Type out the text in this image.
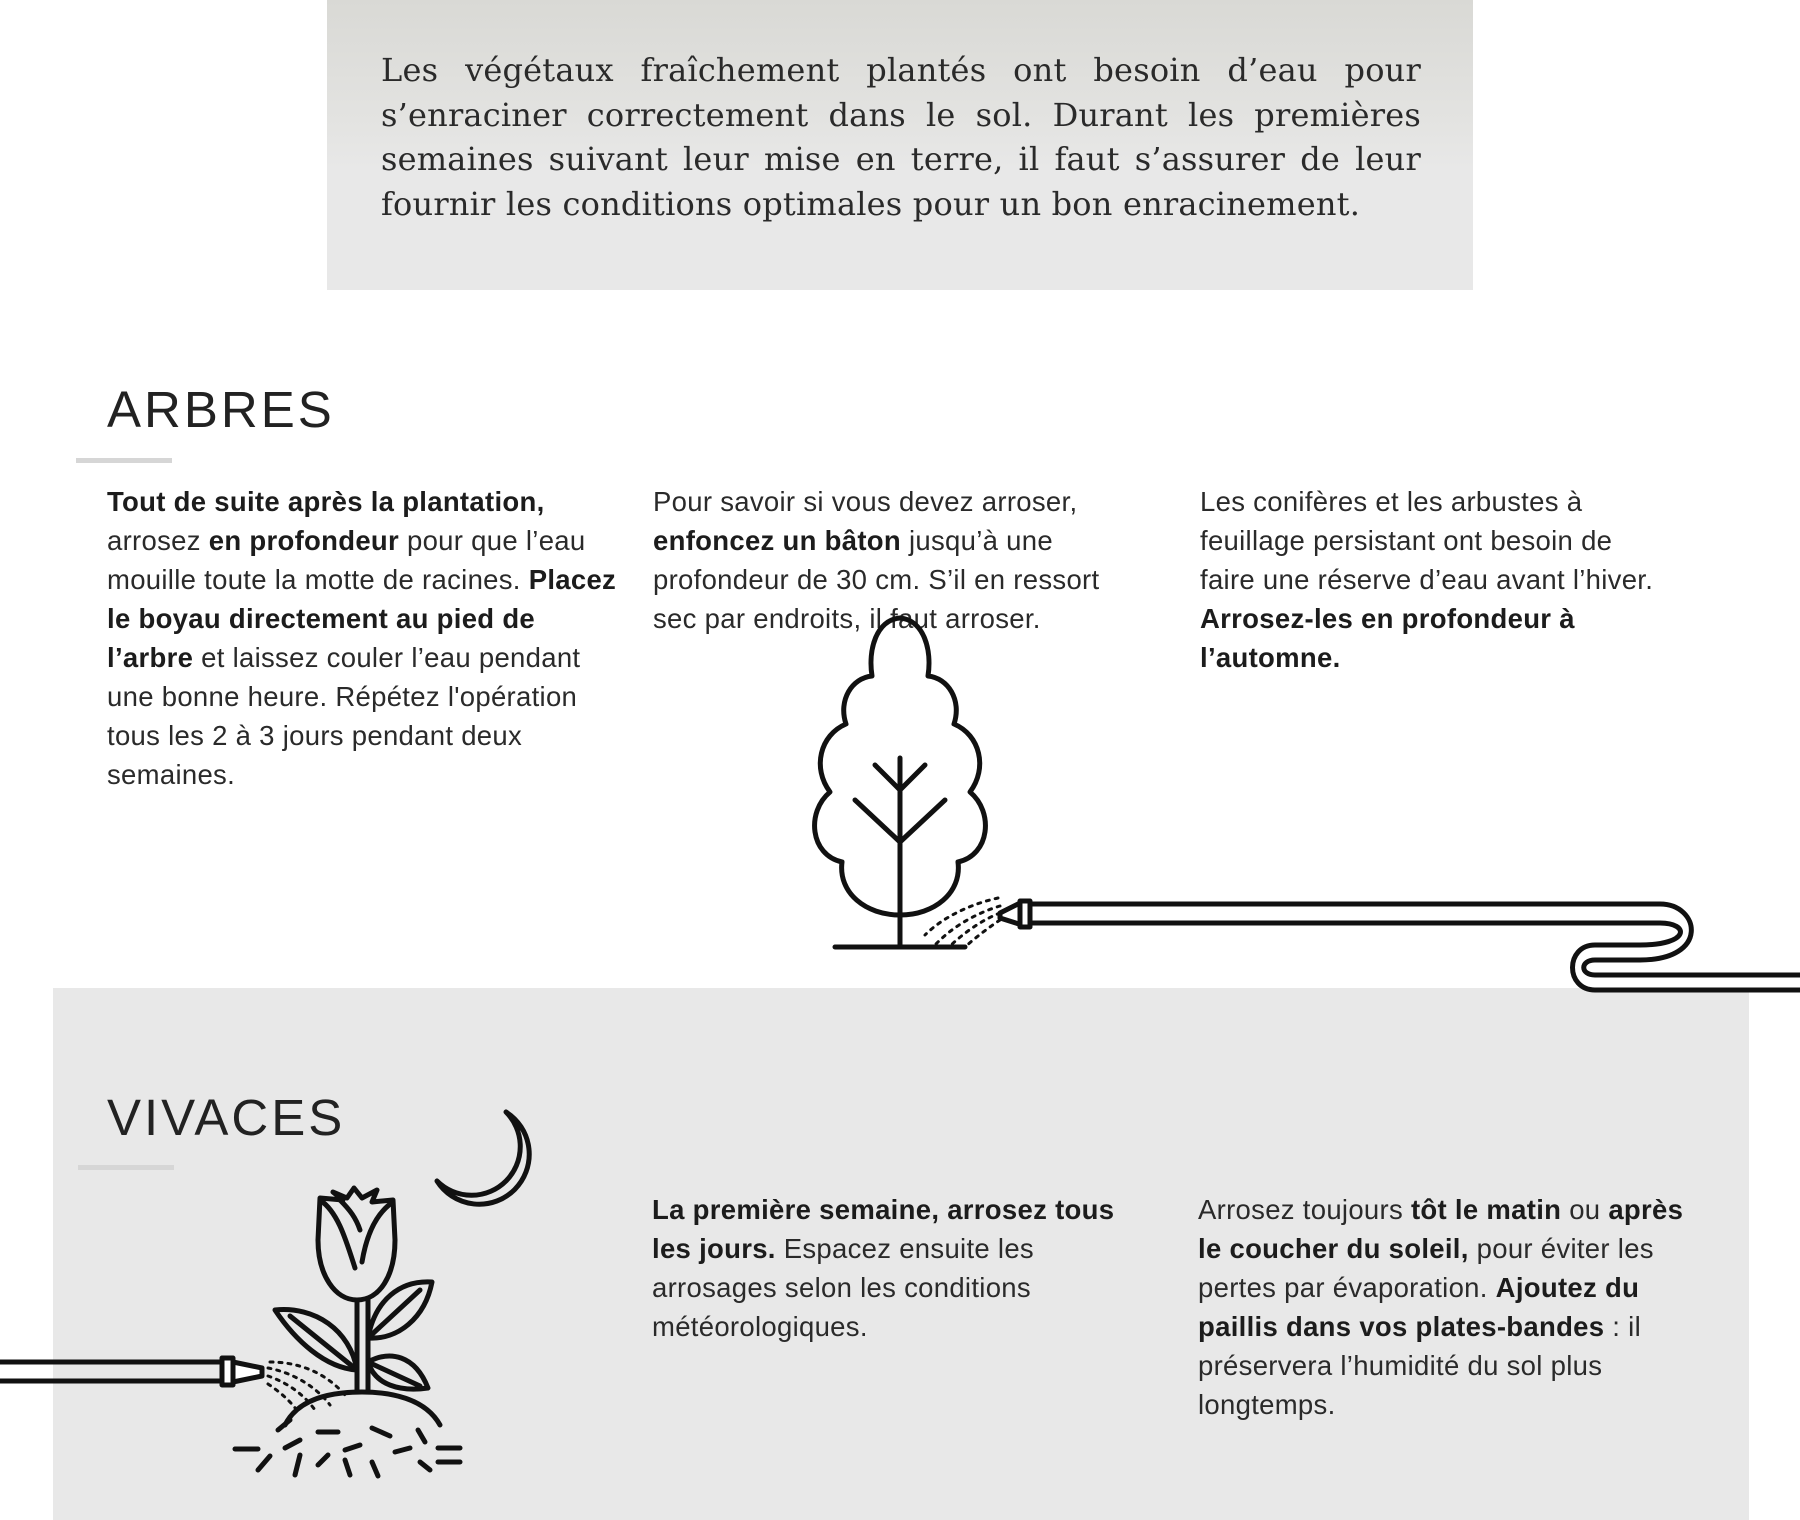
Les végétaux fraîchement plantés ont besoin d’eau pour
s’enraciner correctement dans le sol. Durant les premières
semaines suivant leur mise en terre, il faut s’assurer de leur
fournir les conditions optimales pour un bon enracinement.

ARBRES
Tout de suite après la plantation,
arrosez en profondeur pour que l’eau mouille toute la motte de racines. Placez le boyau directement au pied de l’arbre et laissez couler l’eau pendant une bonne heure. Répétez l'opération tous les 2 à 3 jours pendant deux semaines.
Pour savoir si vous devez arroser, enfoncez un bâton jusqu’à une profondeur de 30 cm. S’il en ressort sec par endroits, il faut arroser.
Les conifères et les arbustes à feuillage persistant ont besoin de faire une réserve d’eau avant l’hiver. Arrosez-les en profondeur à l’automne.
VIVACES
La première semaine, arrosez tous les jours. Espacez ensuite les arrosages selon les conditions météorologiques.
Arrosez toujours tôt le matin ou après le coucher du soleil, pour éviter les pertes par évaporation. Ajoutez du paillis dans vos plates-bandes : il préservera l’humidité du sol plus longtemps.
